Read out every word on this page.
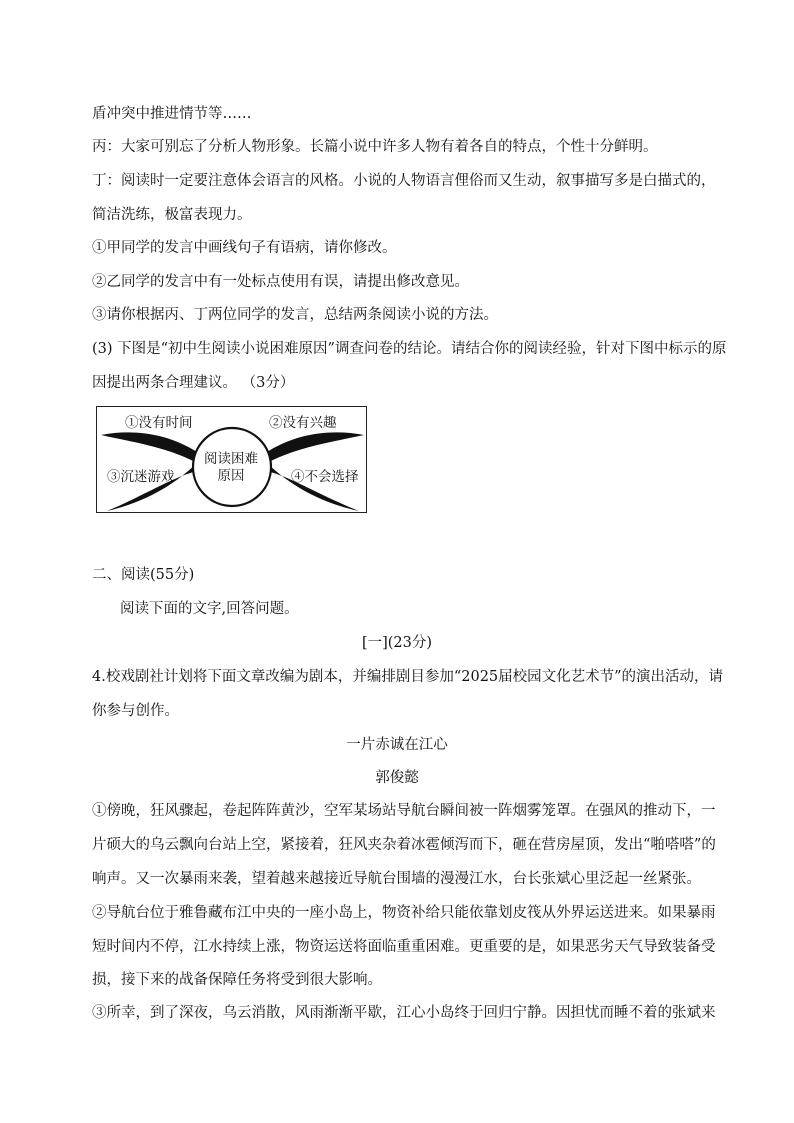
盾冲突中推进情节等……
丙：大家可别忘了分析人物形象。长篇小说中许多人物有着各自的特点，个性十分鲜明。
丁：阅读时一定要注意体会语言的风格。小说的人物语言俚俗而又生动，叙事描写多是白描式的，
简洁洗练，极富表现力。
①甲同学的发言中画线句子有语病，请你修改。
②乙同学的发言中有一处标点使用有误，请提出修改意见。
③请你根据丙、丁两位同学的发言，总结两条阅读小说的方法。
(3) 下图是“初中生阅读小说困难原因”调查问卷的结论。请结合你的阅读经验，针对下图中标示的原
因提出两条合理建议。 （3分）
①没有时间	②没有兴趣
③沉迷游戏	④不会选择
阅读困难
原因
二、阅读(55分)
阅读下面的文字,回答问题。
[一](23分)
4.校戏剧社计划将下面文章改编为剧本，并编排剧目参加“2025届校园文化艺术节”的演出活动，请
你参与创作。
一片赤诚在江心
郭俊懿
①傍晚，狂风骤起，卷起阵阵黄沙，空军某场站导航台瞬间被一阵烟雾笼罩。在强风的推动下，一
片硕大的乌云飘向台站上空，紧接着，狂风夹杂着冰雹倾泻而下，砸在营房屋顶，发出“啪嗒嗒”的
响声。又一次暴雨来袭，望着越来越接近导航台围墙的漫漫江水，台长张斌心里泛起一丝紧张。
②导航台位于雅鲁藏布江中央的一座小岛上，物资补给只能依靠划皮筏从外界运送进来。如果暴雨
短时间内不停，江水持续上涨，物资运送将面临重重困难。更重要的是，如果恶劣天气导致装备受
损，接下来的战备保障任务将受到很大影响。
③所幸，到了深夜，乌云消散，风雨渐渐平歇，江心小岛终于回归宁静。因担忧而睡不着的张斌来
